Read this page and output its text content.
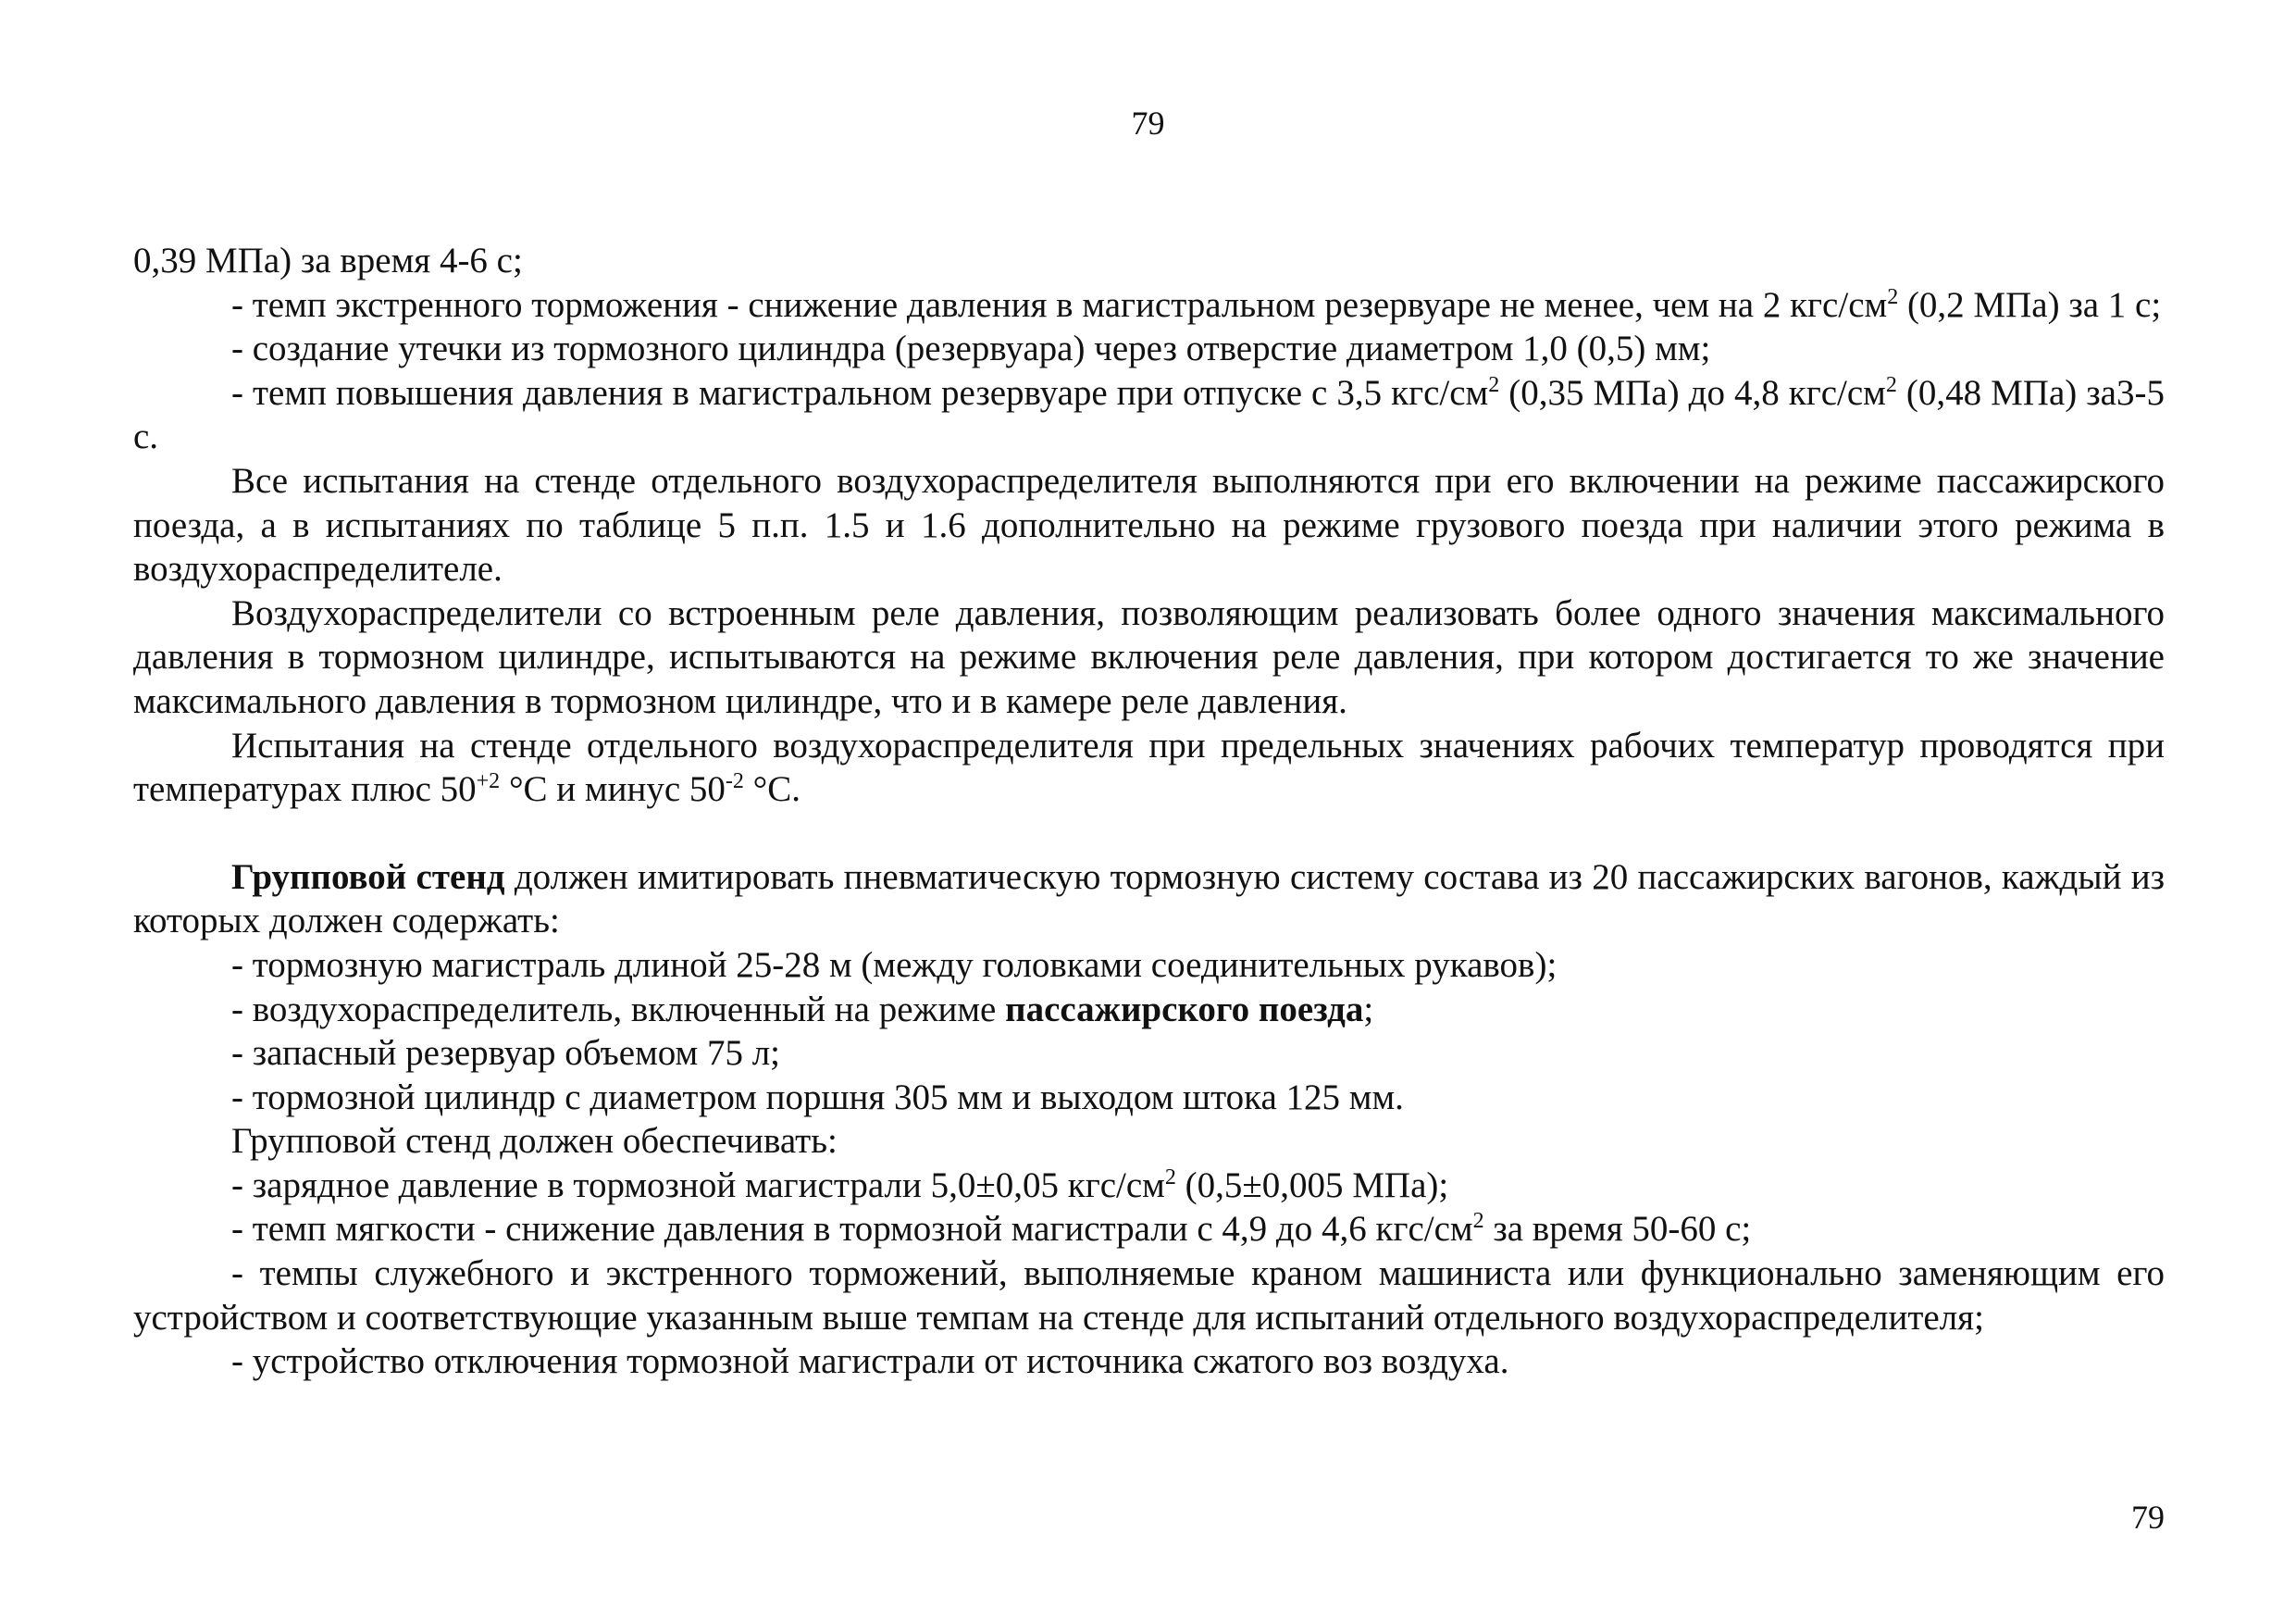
79

0,39 МПа) за время 4-6 с;

- темп экстренного торможения - снижение давления в магистральном резервуаре не менее, чем на 2 кгс/$см^2$ (0,2 МПа) за 1 с;

- создание утечки из тормозного цилиндра (резервуара) через отверстие диаметром 1,0 (0,5) мм;

- темп повышения давления в магистральном резервуаре при отпуске с 3,5 кгс/$см^2$ (0,35 МПа) до 4,8 кгс/$см^2$ (0,48 МПа) за3-5 с.

Все испытания на стенде отдельного воздухораспределителя выполняются при его включении на режиме пассажирского поезда, а в испытаниях по таблице 5 п.п. 1.5 и 1.6 дополнительно на режиме грузового поезда при наличии этого режима в воздухораспределителе.

Воздухораспределители со встроенным реле давления, позволяющим реализовать более одного значения максимального давления в тормозном цилиндре, испытываются на режиме включения реле давления, при котором достигается то же значение максимального давления в тормозном цилиндре, что и в камере реле давления.

Испытания на стенде отдельного воздухораспределителя при предельных значениях рабочих температур проводятся при температурах плюс $50^{+2}$ °С и минус $50^{-2}$ °С.

Групповой стенд должен имитировать пневматическую тормозную систему состава из 20 пассажирских вагонов, каждый из которых должен содержать:

- тормозную магистраль длиной 25-28 м (между головками соединительных рукавов);

- воздухораспределитель, включенный на режиме пассажирского поезда;

- запасный резервуар объемом 75 л;

- тормозной цилиндр с диаметром поршня 305 мм и выходом штока 125 мм.

Групповой стенд должен обеспечивать:

- зарядное давление в тормозной магистрали 5,0±0,05 кгс/$см^2$ (0,5±0,005 МПа);

- темп мягкости - снижение давления в тормозной магистрали с 4,9 до 4,6 кгс/$см^2$ за время 50-60 с;

- темпы служебного и экстренного торможений, выполняемые краном машиниста или функционально заменяющим его устройством и соответствующие указанным выше темпам на стенде для испытаний отдельного воздухораспределителя;

- устройство отключения тормозной магистрали от источника сжатого воз воздуха.

79
